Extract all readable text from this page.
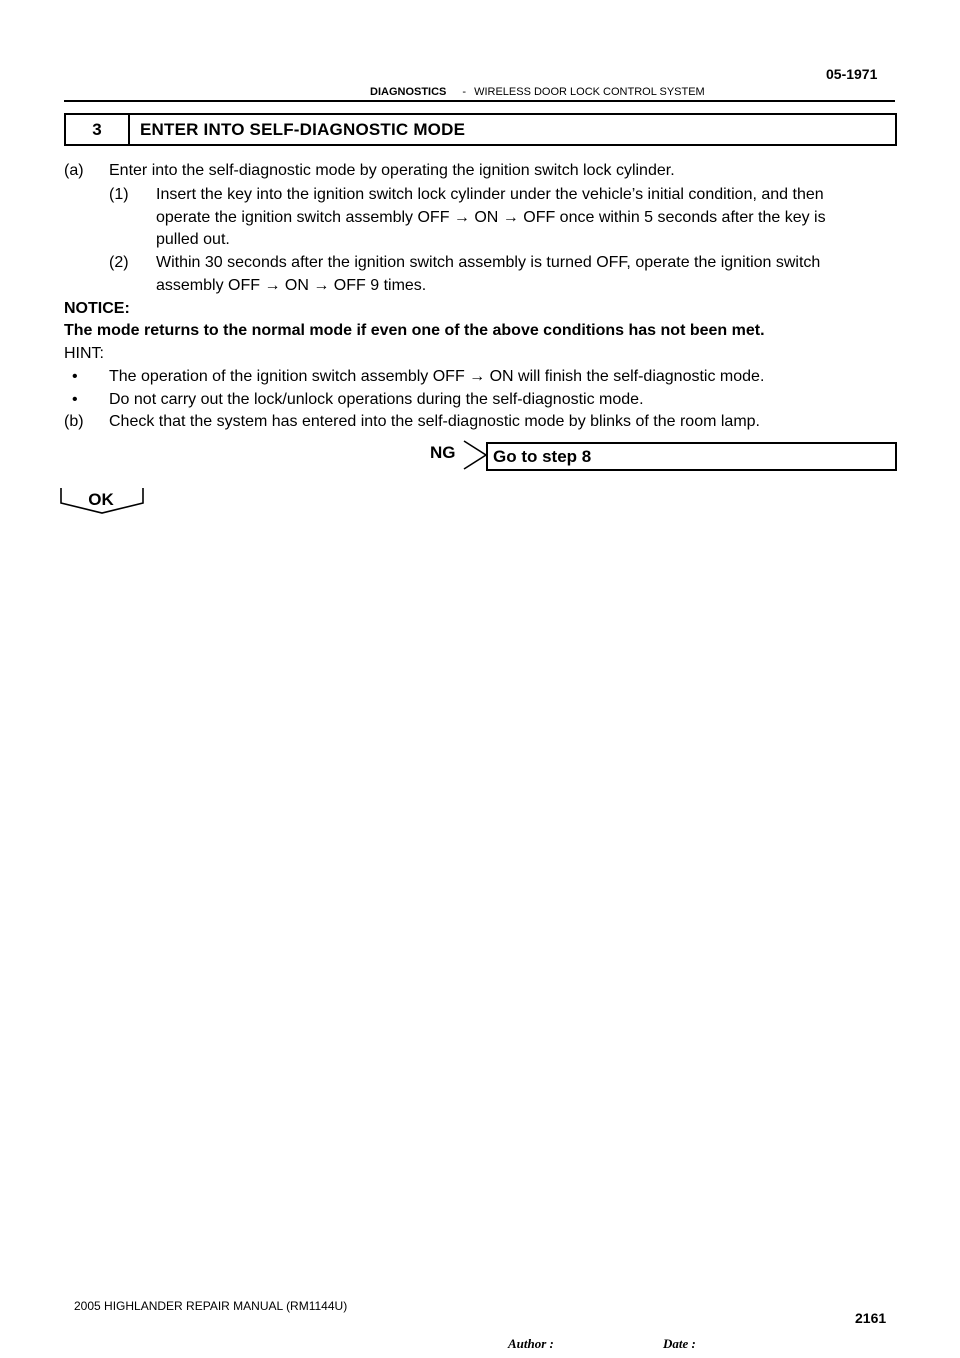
05-1971
DIAGNOSTICS - WIRELESS DOOR LOCK CONTROL SYSTEM
3	ENTER INTO SELF-DIAGNOSTIC MODE
(a) Enter into the self-diagnostic mode by operating the ignition switch lock cylinder.
(1) Insert the key into the ignition switch lock cylinder under the vehicle’s initial condition, and then
operate the ignition switch assembly OFF → ON → OFF once within 5 seconds after the key is
pulled out.
(2) Within 30 seconds after the ignition switch assembly is turned OFF, operate the ignition switch
assembly OFF → ON → OFF 9 times.
NOTICE:
The mode returns to the normal mode if even one of the above conditions has not been met.
HINT:
• The operation of the ignition switch assembly OFF → ON will finish the self-diagnostic mode.
• Do not carry out the lock/unlock operations during the self-diagnostic mode.
(b) Check that the system has entered into the self-diagnostic mode by blinks of the room lamp.
NG Go to step 8
OK
2005 HIGHLANDER REPAIR MANUAL (RM1144U)
2161
Author :	Date :
